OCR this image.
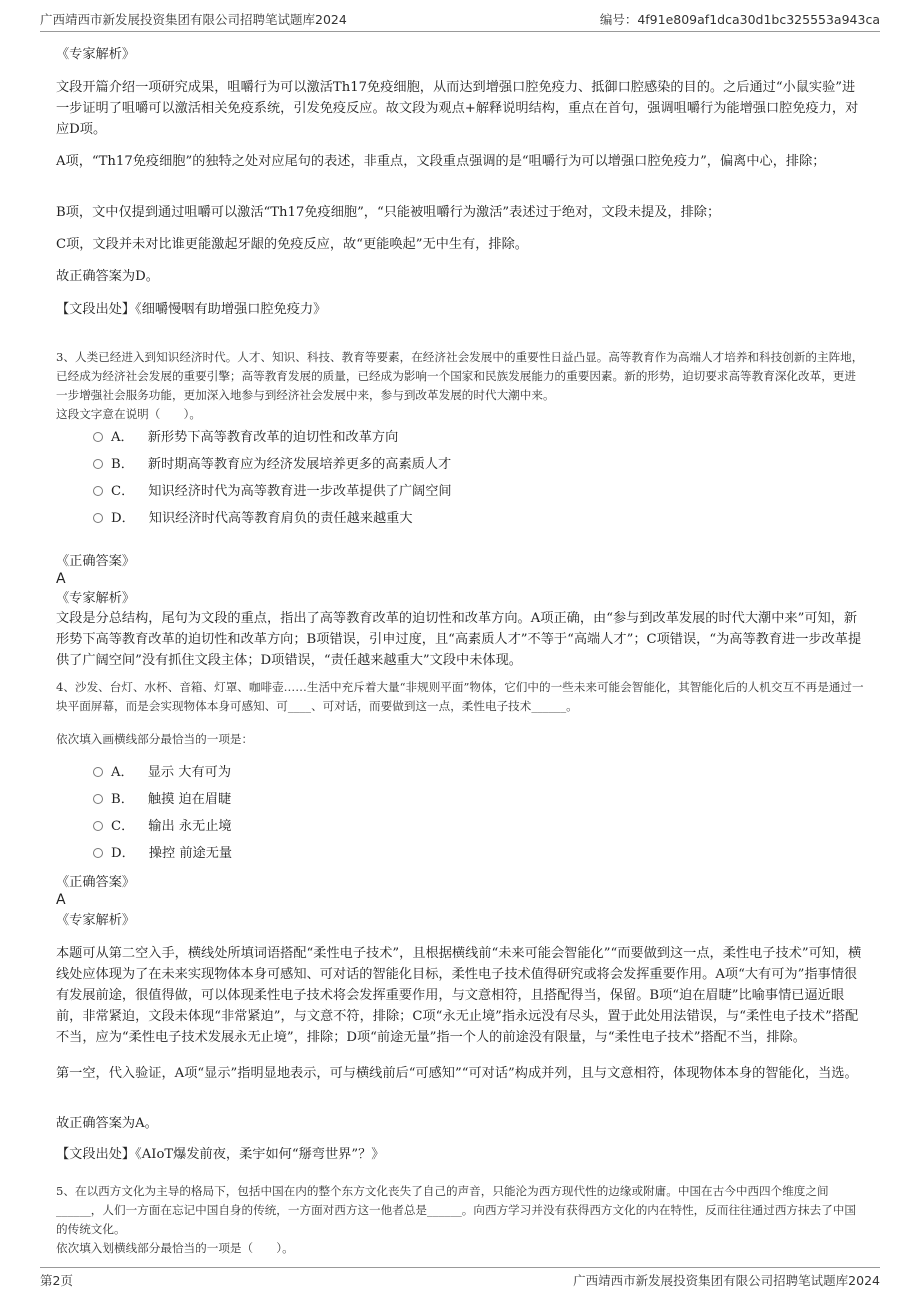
广西靖西市新发展投资集团有限公司招聘笔试题库2024	编号：4f91e809af1dca30d1bc325553a943ca

《专家解析》

文段开篇介绍一项研究成果，咀嚼行为可以激活Th17免疫细胞，从而达到增强口腔免疫力、抵御口腔感染的目的。之后通过“小鼠实验”进一步证明了咀嚼可以激活相关免疫系统，引发免疫反应。故文段为观点+解释说明结构，重点在首句，强调咀嚼行为能增强口腔免疫力，对应D项。

A项，“Th17免疫细胞”的独特之处对应尾句的表述，非重点，文段重点强调的是“咀嚼行为可以增强口腔免疫力”，偏离中心，排除；

B项，文中仅提到通过咀嚼可以激活“Th17免疫细胞”，“只能被咀嚼行为激活”表述过于绝对，文段未提及，排除；

C项，文段并未对比谁更能激起牙龈的免疫反应，故“更能唤起”无中生有，排除。

故正确答案为D。

【文段出处】《细嚼慢咽有助增强口腔免疫力》

3、人类已经进入到知识经济时代。人才、知识、科技、教育等要素，在经济社会发展中的重要性日益凸显。高等教育作为高端人才培养和科技创新的主阵地，已经成为经济社会发展的重要引擎；高等教育发展的质量，已经成为影响一个国家和民族发展能力的重要因素。新的形势，迫切要求高等教育深化改革，更进一步增强社会服务功能，更加深入地参与到经济社会发展中来，参与到改革发展的时代大潮中来。

这段文字意在说明（　　）。

A． 新形势下高等教育改革的迫切性和改革方向
B． 新时期高等教育应为经济发展培养更多的高素质人才
C． 知识经济时代为高等教育进一步改革提供了广阔空间
D． 知识经济时代高等教育肩负的责任越来越重大

《正确答案》

A

《专家解析》

文段是分总结构，尾句为文段的重点，指出了高等教育改革的迫切性和改革方向。A项正确，由“参与到改革发展的时代大潮中来”可知，新形势下高等教育改革的迫切性和改革方向；B项错误，引申过度，且“高素质人才”不等于“高端人才”；C项错误，“为高等教育进一步改革提供了广阔空间”没有抓住文段主体；D项错误，“责任越来越重大”文段中未体现。

4、沙发、台灯、水杯、音箱、灯罩、咖啡壶……生活中充斥着大量“非规则平面”物体，它们中的一些未来可能会智能化，其智能化后的人机交互不再是通过一块平面屏幕，而是会实现物体本身可感知、可____、可对话，而要做到这一点，柔性电子技术______。

依次填入画横线部分最恰当的一项是：

A． 显示 大有可为
B． 触摸 迫在眉睫
C． 输出 永无止境
D． 操控 前途无量

《正确答案》

A

《专家解析》

本题可从第二空入手，横线处所填词语搭配“柔性电子技术”，且根据横线前“未来可能会智能化”“而要做到这一点，柔性电子技术”可知，横线处应体现为了在未来实现物体本身可感知、可对话的智能化目标，柔性电子技术值得研究或将会发挥重要作用。A项“大有可为”指事情很有发展前途，很值得做，可以体现柔性电子技术将会发挥重要作用，与文意相符，且搭配得当，保留。B项“迫在眉睫”比喻事情已逼近眼前，非常紧迫，文段未体现“非常紧迫”，与文意不符，排除；C项“永无止境”指永远没有尽头，置于此处用法错误，与“柔性电子技术”搭配不当，应为“柔性电子技术发展永无止境”，排除；D项“前途无量”指一个人的前途没有限量，与“柔性电子技术”搭配不当，排除。

第一空，代入验证，A项“显示”指明显地表示，可与横线前后“可感知”“可对话”构成并列，且与文意相符，体现物体本身的智能化，当选。

故正确答案为A。

【文段出处】《AIoT爆发前夜，柔宇如何“掰弯世界”？》

5、在以西方文化为主导的格局下，包括中国在内的整个东方文化丧失了自己的声音，只能沦为西方现代性的边缘或附庸。中国在古今中西四个维度之间______，人们一方面在忘记中国自身的传统，一方面对西方这一他者总是______。向西方学习并没有获得西方文化的内在特性，反而往往通过西方抹去了中国的传统文化。

依次填入划横线部分最恰当的一项是（　　）。

第2页	广西靖西市新发展投资集团有限公司招聘笔试题库2024
